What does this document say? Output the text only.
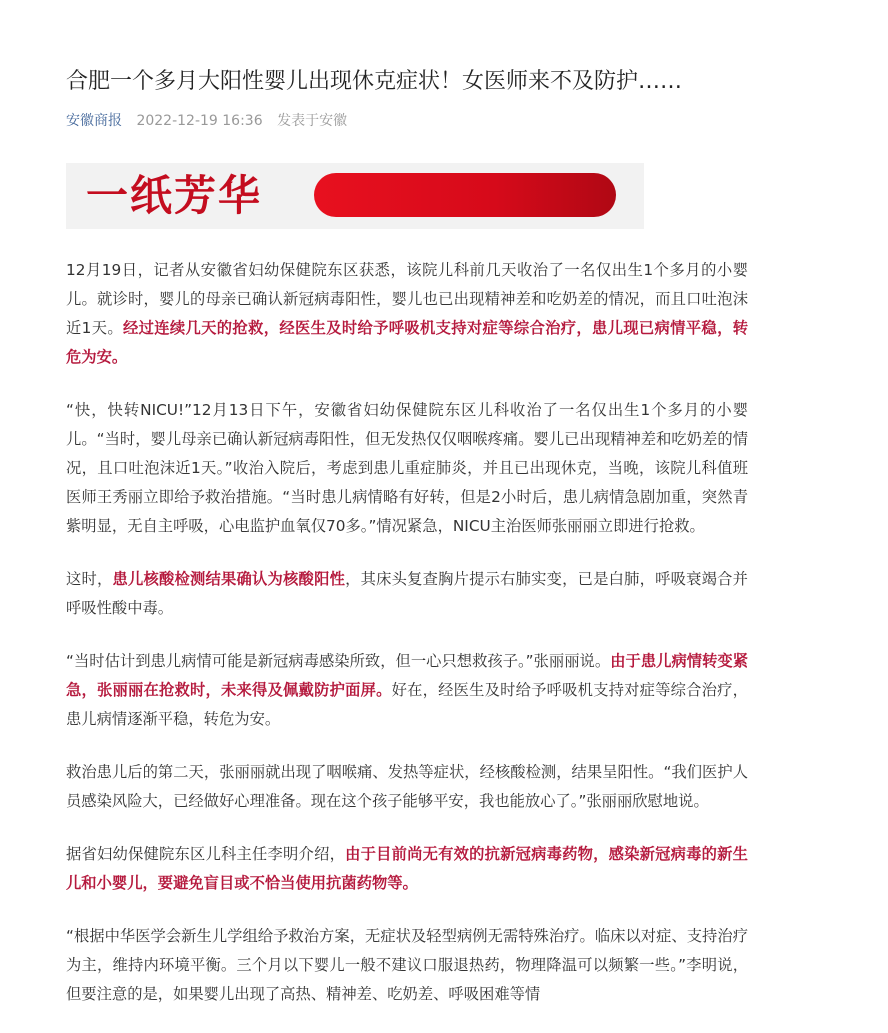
合肥一个多月大阳性婴儿出现休克症状！女医师来不及防护……
安徽商报 2022-12-19 16:36 发表于安徽
一纸芳华

12月19日，记者从安徽省妇幼保健院东区获悉，该院儿科前几天收治了一名仅出生1个多月的小婴儿。就诊时，婴儿的母亲已确认新冠病毒阳性，婴儿也已出现精神差和吃奶差的情况，而且口吐泡沫近1天。经过连续几天的抢救，经医生及时给予呼吸机支持对症等综合治疗，患儿现已病情平稳，转危为安。

“快，快转NICU!”12月13日下午，安徽省妇幼保健院东区儿科收治了一名仅出生1个多月的小婴儿。“当时，婴儿母亲已确认新冠病毒阳性，但无发热仅仅咽喉疼痛。婴儿已出现精神差和吃奶差的情况，且口吐泡沫近1天。”收治入院后，考虑到患儿重症肺炎，并且已出现休克，当晚，该院儿科值班医师王秀丽立即给予救治措施。“当时患儿病情略有好转，但是2小时后，患儿病情急剧加重，突然青紫明显，无自主呼吸，心电监护血氧仅70多。”情况紧急，NICU主治医师张丽丽立即进行抢救。

这时，患儿核酸检测结果确认为核酸阳性，其床头复查胸片提示右肺实变，已是白肺，呼吸衰竭合并呼吸性酸中毒。

“当时估计到患儿病情可能是新冠病毒感染所致，但一心只想救孩子。”张丽丽说。由于患儿病情转变紧急，张丽丽在抢救时，未来得及佩戴防护面屏。好在，经医生及时给予呼吸机支持对症等综合治疗，患儿病情逐渐平稳，转危为安。

救治患儿后的第二天，张丽丽就出现了咽喉痛、发热等症状，经核酸检测，结果呈阳性。“我们医护人员感染风险大，已经做好心理准备。现在这个孩子能够平安，我也能放心了。”张丽丽欣慰地说。

据省妇幼保健院东区儿科主任李明介绍，由于目前尚无有效的抗新冠病毒药物，感染新冠病毒的新生儿和小婴儿，要避免盲目或不恰当使用抗菌药物等。

“根据中华医学会新生儿学组给予救治方案，无症状及轻型病例无需特殊治疗。临床以对症、支持治疗为主，维持内环境平衡。三个月以下婴儿一般不建议口服退热药，物理降温可以频繁一些。”李明说，但要注意的是，如果婴儿出现了高热、精神差、吃奶差、呼吸困难等情
